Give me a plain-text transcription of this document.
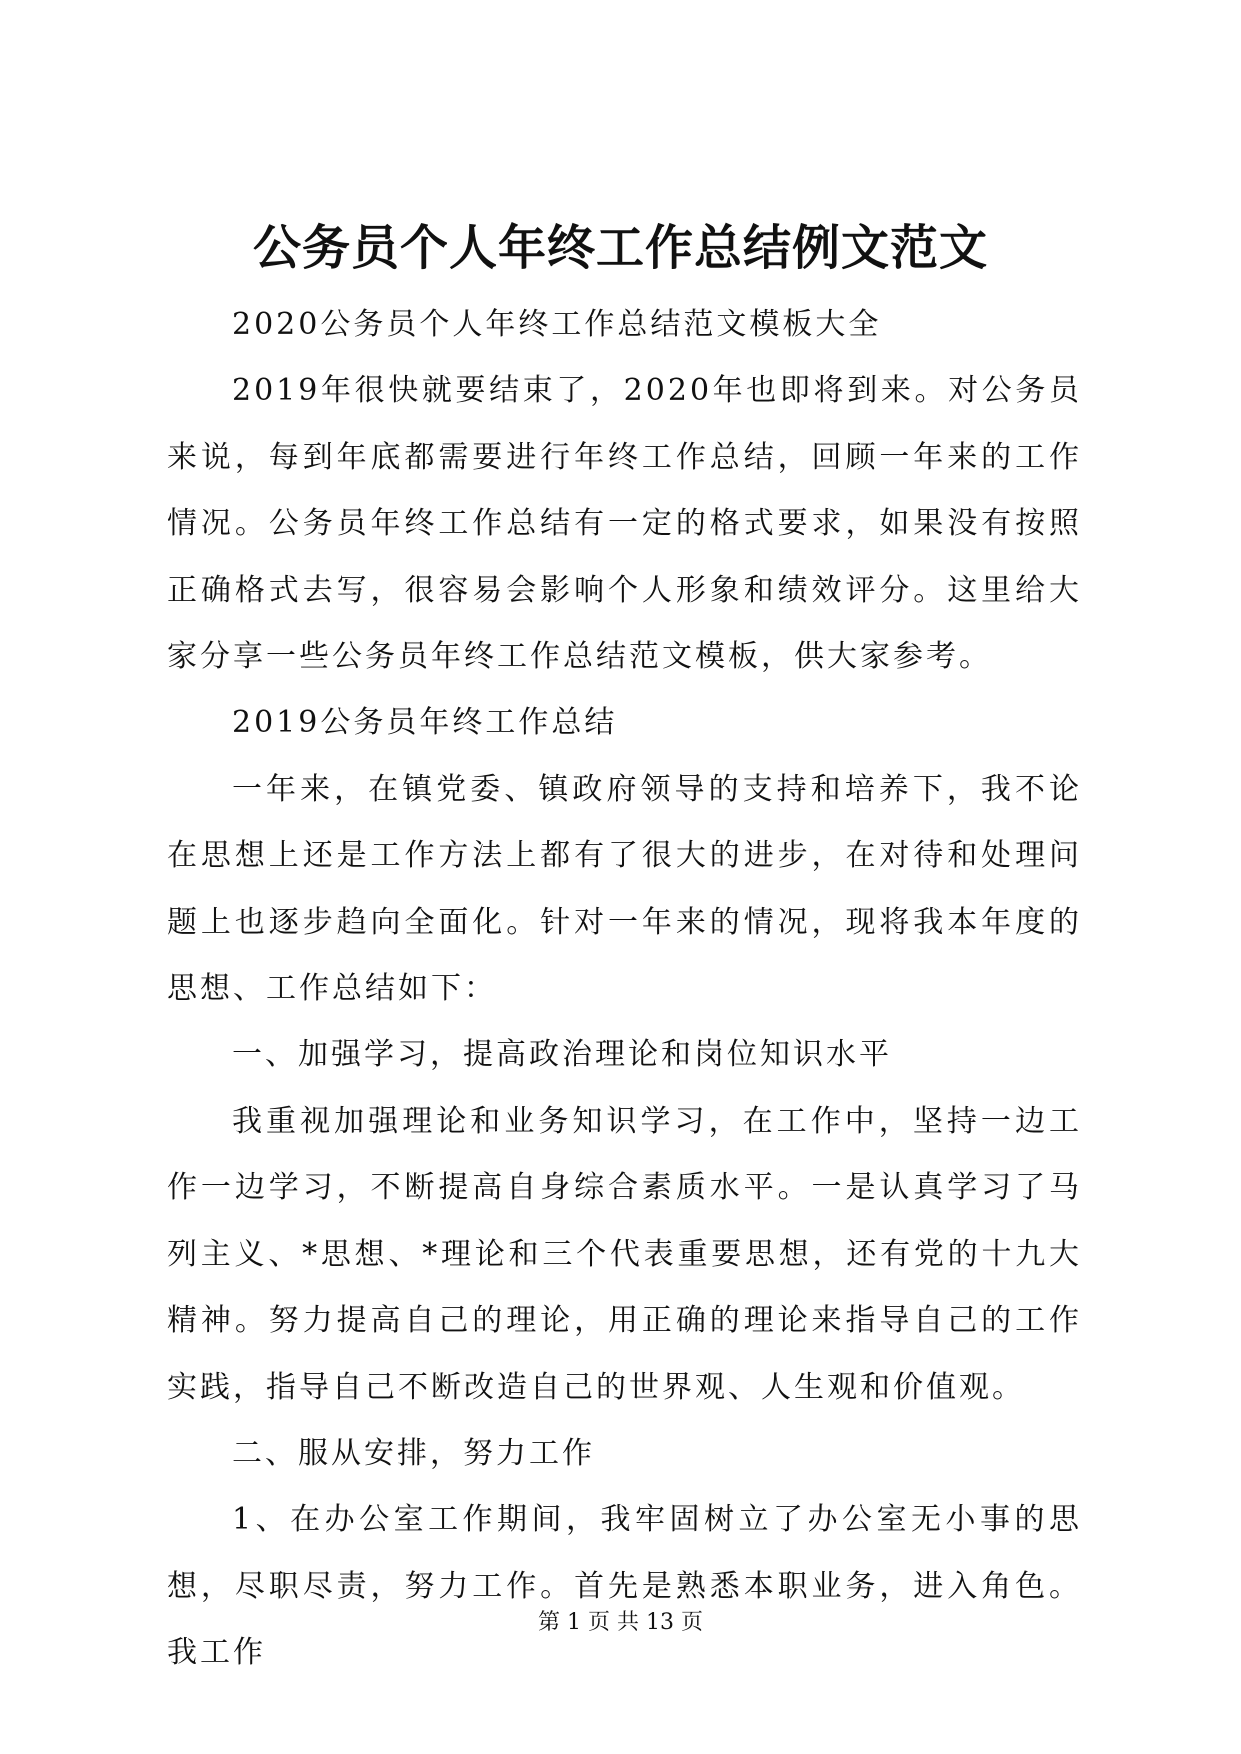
公务员个人年终工作总结例文范文

2020公务员个人年终工作总结范文模板大全

2019年很快就要结束了，2020年也即将到来。对公务员来说，每到年底都需要进行年终工作总结，回顾一年来的工作情况。公务员年终工作总结有一定的格式要求，如果没有按照正确格式去写，很容易会影响个人形象和绩效评分。这里给大家分享一些公务员年终工作总结范文模板，供大家参考。

2019公务员年终工作总结

一年来，在镇党委、镇政府领导的支持和培养下，我不论在思想上还是工作方法上都有了很大的进步，在对待和处理问题上也逐步趋向全面化。针对一年来的情况，现将我本年度的思想、工作总结如下：

一、加强学习，提高政治理论和岗位知识水平

我重视加强理论和业务知识学习，在工作中，坚持一边工作一边学习，不断提高自身综合素质水平。一是认真学习了马列主义、*思想、*理论和三个代表重要思想，还有党的十九大精神。努力提高自己的理论，用正确的理论来指导自己的工作实践，指导自己不断改造自己的世界观、人生观和价值观。

二、服从安排，努力工作

1、在办公室工作期间，我牢固树立了办公室无小事的思想，尽职尽责，努力工作。首先是熟悉本职业务，进入角色。我工作

第 1 页 共 13 页
